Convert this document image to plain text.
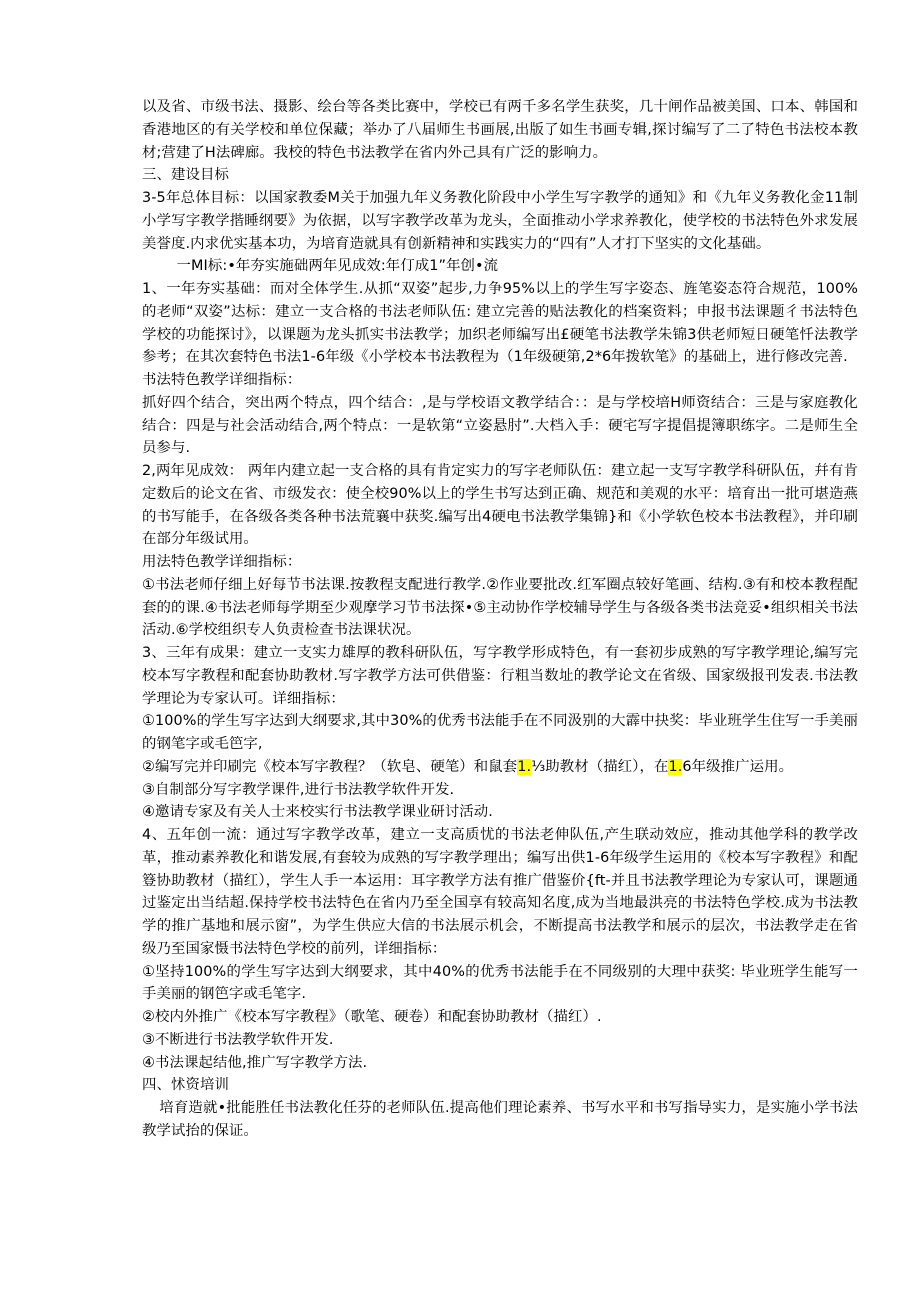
以及省、市级书法、摄影、绘台等各类比赛中，学校已有两千多名学生获奖，几十闸作品被美国、口本、韩国和香港地区的有关学校和单位保藏；举办了八届师生书画展,出版了如生书画专辑,探讨编写了二了特色书法校本教材;营建了H法碑廊。我校的特色书法教学在省内外己具有广泛的影响力。

三、建设目标

3-5年总体目标：以国家教委M关于加强九年义务教化阶段中小学生写字教学的通知》和《九年义务教化金11制小学写字教学揩睡纲要》为依据，以写字教学改革为龙头，全面推动小学求养教化，使学校的书法特色外求发展美誉度.内求优实基本功，为培育造就具有创新精神和实践实力的“四有”人才打下坚实的文化基础。

一MI标:•年夯实施础两年见成效:年仃成1”年创•流

1、一年夯实基础：而对全体学生.从抓“双姿”起步,力争95%以上的学生写字姿态、旌笔姿态符合规范，100%的老师“双姿”达标：建立一支合格的书法老师队伍: 建立完善的贴法教化的档案资料；申报书法课题彳书法特色学校的功能探讨》，以课题为龙头抓实书法教学；加织老师编写出£硬笔书法教学朱锦3供老师短日硬笔忏法教学参考；在其次套特色书法1-6年级《小学校本书法教程为（1年级硬第,2*6年拨软笔》的基础上，进行修改完善.

书法特色教学详细指标：

抓好四个结合，突出两个特点，四个结合：,是与学校语文教学结合：：是与学校培H师资结合：三是与家庭教化结合：四是与社会活动结合,两个特点：一是软第“立姿悬肘”.大档入手：硬宅写字提倡提簿职练字。二是师生全员参与.

2,两年见成效： 两年内建立起一支合格的具有肯定实力的写字老师队伍：建立起一支写字教学科研队伍，幷有肯定数后的论文在省、市级发衣：使全校90%以上的学生书写达到正确、规范和美观的水平：培育出一批可堪造燕的书写能手，在各级各类各种书法荒襄中获奖.编写出4硬电书法教学集锦}和《小学软色校本书法教程》，并印刷在部分年级试用。

用法特色教学详细指标：

①书法老师仔细上好每节书法课.按教程支配进行教学.②作业要批改.红军圈点较好笔画、结构.③有和校本教程配套的的课.④书法老师每学期至少观摩学习节书法探•⑤主动协作学校辅导学生与各级各类书法竞妥•组织相关书法活动.⑥学校组织专人负责检查书法课状况。

3、三年有成果：建立一支实力雄厚的教科研队伍，写字教学形成特色，有一套初步成熟的写字教学理论,编写完校本写字教程和配套协助教材.写字教学方法可供借鉴：行粗当数址的教学论文在省级、国家级报刊发表.书法教学理论为专家认可。详细指标：

①100%的学生写字达到大纲要求,其中30%的优秀书法能手在不同汲别的大霹中抉奖：毕业班学生住写一手美丽的钢笔字或毛笆字,

②编写完并印刷完《校本写字教程？（软皂、硬笔）和鼠套1.⅓助教材（描红），在1.6年级推广运用。

③自制部分写字教学课件,进行书法教学软件开发.

④邀请专家及有关人士来校实行书法教学课业研讨活动.

4、五年创一流：通过写字教学改革，建立一支高质忧的书法老伸队伍,产生联动效应，推动其他学科的教学改革，推动素养教化和谐发展,有套较为成熟的写字教学理出；编写出供1-6年级学生运用的《校本写字教程》和配簦协助教材（描红），学生人手一本运用：耳字教学方法有推广借鉴价{ft-并且书法教学理论为专家认可，课题通过鉴定出当结超.保持学校书法特色在省内乃至全国享有较高知名度,成为当地最洪亮的书法特色学校.成为书法教学的推广基地和展示窗”，为学生供应大信的书法展示机会，不断提高书法教学和展示的层次，书法教学走在省级乃至国家慑书法特色学校的前列，详细指标：

①坚持100%的学生写字达到大纲要求，其中40%的优秀书法能手在不同级别的大理中获奖: 毕业班学生能写一手美丽的钢笆字或毛笔字.

②校内外推广《校本写字教程》（歌笔、硬卷）和配套协助教材（描红）.

③不断进行书法教学软件开发.

④书法课起结他,推广写字教学方法.

四、怵资培训

培育造就•批能胜任书法教化任芬的老师队伍.提高他们理论素养、书写水平和书写指导实力，是实施小学书法教学试抬的保证。
